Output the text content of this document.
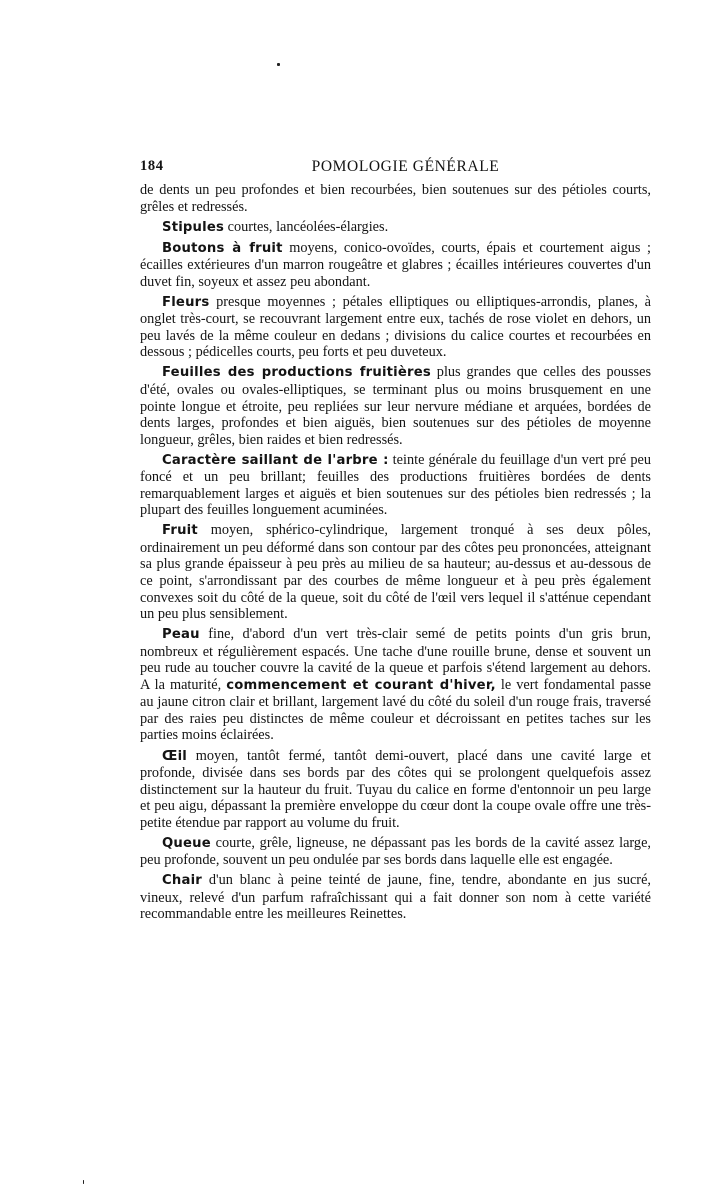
184	POMOLOGIE GÉNÉRALE

de dents un peu profondes et bien recourbées, bien soutenues sur des pétioles courts, grêles et redressés.

Stipules courtes, lancéolées-élargies.

Boutons à fruit moyens, conico-ovoïdes, courts, épais et courtement aigus ; écailles extérieures d'un marron rougeâtre et glabres ; écailles intérieures couvertes d'un duvet fin, soyeux et assez peu abondant.

Fleurs presque moyennes ; pétales elliptiques ou elliptiques-arrondis, planes, à onglet très-court, se recouvrant largement entre eux, tachés de rose violet en dehors, un peu lavés de la même couleur en dedans ; divisions du calice courtes et recourbées en dessous ; pédicelles courts, peu forts et peu duveteux.

Feuilles des productions fruitières plus grandes que celles des pousses d'été, ovales ou ovales-elliptiques, se terminant plus ou moins brusquement en une pointe longue et étroite, peu repliées sur leur nervure médiane et arquées, bordées de dents larges, profondes et bien aiguës, bien soutenues sur des pétioles de moyenne longueur, grêles, bien raides et bien redressés.

Caractère saillant de l'arbre : teinte générale du feuillage d'un vert pré peu foncé et un peu brillant; feuilles des productions fruitières bordées de dents remarquablement larges et aiguës et bien soutenues sur des pétioles bien redressés ; la plupart des feuilles longuement acuminées.

Fruit moyen, sphérico-cylindrique, largement tronqué à ses deux pôles, ordinairement un peu déformé dans son contour par des côtes peu prononcées, atteignant sa plus grande épaisseur à peu près au milieu de sa hauteur; au-dessus et au-dessous de ce point, s'arrondissant par des courbes de même longueur et à peu près également convexes soit du côté de la queue, soit du côté de l'œil vers lequel il s'atténue cependant un peu plus sensiblement.

Peau fine, d'abord d'un vert très-clair semé de petits points d'un gris brun, nombreux et régulièrement espacés. Une tache d'une rouille brune, dense et souvent un peu rude au toucher couvre la cavité de la queue et parfois s'étend largement au dehors. A la maturité, commencement et courant d'hiver, le vert fondamental passe au jaune citron clair et brillant, largement lavé du côté du soleil d'un rouge frais, traversé par des raies peu distinctes de même couleur et décroissant en petites taches sur les parties moins éclairées.

Œil moyen, tantôt fermé, tantôt demi-ouvert, placé dans une cavité large et profonde, divisée dans ses bords par des côtes qui se prolongent quelquefois assez distinctement sur la hauteur du fruit. Tuyau du calice en forme d'entonnoir un peu large et peu aigu, dépassant la première enveloppe du cœur dont la coupe ovale offre une très-petite étendue par rapport au volume du fruit.

Queue courte, grêle, ligneuse, ne dépassant pas les bords de la cavité assez large, peu profonde, souvent un peu ondulée par ses bords dans laquelle elle est engagée.

Chair d'un blanc à peine teinté de jaune, fine, tendre, abondante en jus sucré, vineux, relevé d'un parfum rafraîchissant qui a fait donner son nom à cette variété recommandable entre les meilleures Reinettes.
